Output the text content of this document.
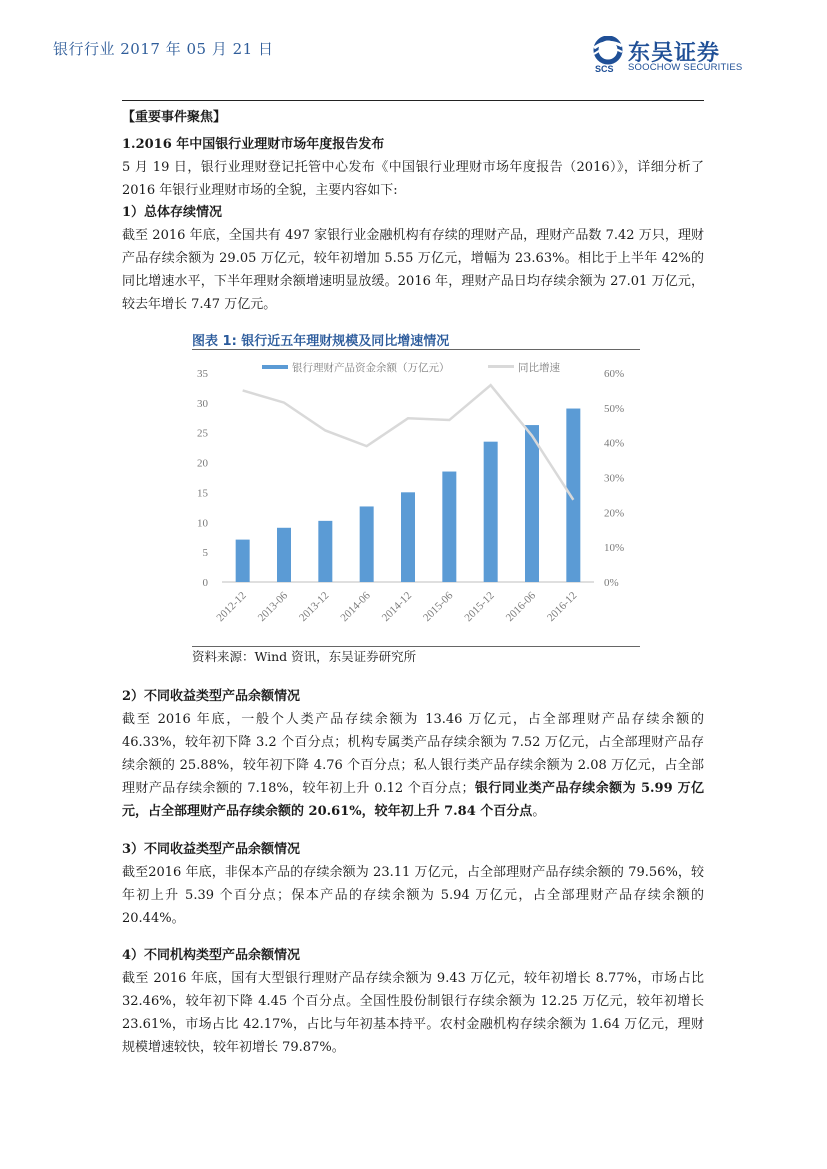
银行行业 2017 年 05 月 21 日
SCS
东吴证券
SOOCHOW SECURITIES
【重要事件聚焦】
1.2016 年中国银行业理财市场年度报告发布
5 月 19 日，银行业理财登记托管中心发布《中国银行业理财市场年度报告（2016）》，详细分析了 2016 年银行业理财市场的全貌，主要内容如下:
1）总体存续情况
截至 2016 年底，全国共有 497 家银行业金融机构有存续的理财产品，理财产品数 7.42 万只，理财产品存续余额为 29.05 万亿元，较年初增加 5.55 万亿元，增幅为 23.63%。相比于上半年 42%的同比增速水平，下半年理财余额增速明显放缓。2016 年，理财产品日均存续余额为 27.01 万亿元，较去年增长 7.47 万亿元。
图表 1: 银行近五年理财规模及同比增速情况
银行理财产品资金余额（万亿元）	同比增速
0
5
10
15
20
25
30
35
0%
10%
20%
30%
40%
50%
60%
2012-12 2013-06 2013-12 2014-06 2014-12 2015-06 2015-12 2016-06 2016-12
资料来源：Wind 资讯，东吴证券研究所
2）不同收益类型产品余额情况
截至 2016 年底，一般个人类产品存续余额为 13.46 万亿元，占全部理财产品存续余额的 46.33%，较年初下降 3.2 个百分点；机构专属类产品存续余额为 7.52 万亿元，占全部理财产品存续余额的 25.88%，较年初下降 4.76 个百分点；私人银行类产品存续余额为 2.08 万亿元，占全部理财产品存续余额的 7.18%，较年初上升 0.12 个百分点；银行同业类产品存续余额为 5.99 万亿元，占全部理财产品存续余额的 20.61%，较年初上升 7.84 个百分点。
3）不同收益类型产品余额情况
截至2016 年底，非保本产品的存续余额为 23.11 万亿元，占全部理财产品存续余额的 79.56%，较年初上升 5.39 个百分点；保本产品的存续余额为 5.94 万亿元，占全部理财产品存续余额的 20.44%。
4）不同机构类型产品余额情况
截至 2016 年底，国有大型银行理财产品存续余额为 9.43 万亿元，较年初增长 8.77%，市场占比 32.46%，较年初下降 4.45 个百分点。全国性股份制银行存续余额为 12.25 万亿元，较年初增长 23.61%，市场占比 42.17%，占比与年初基本持平。农村金融机构存续余额为 1.64 万亿元，理财规模增速较快，较年初增长 79.87%。
